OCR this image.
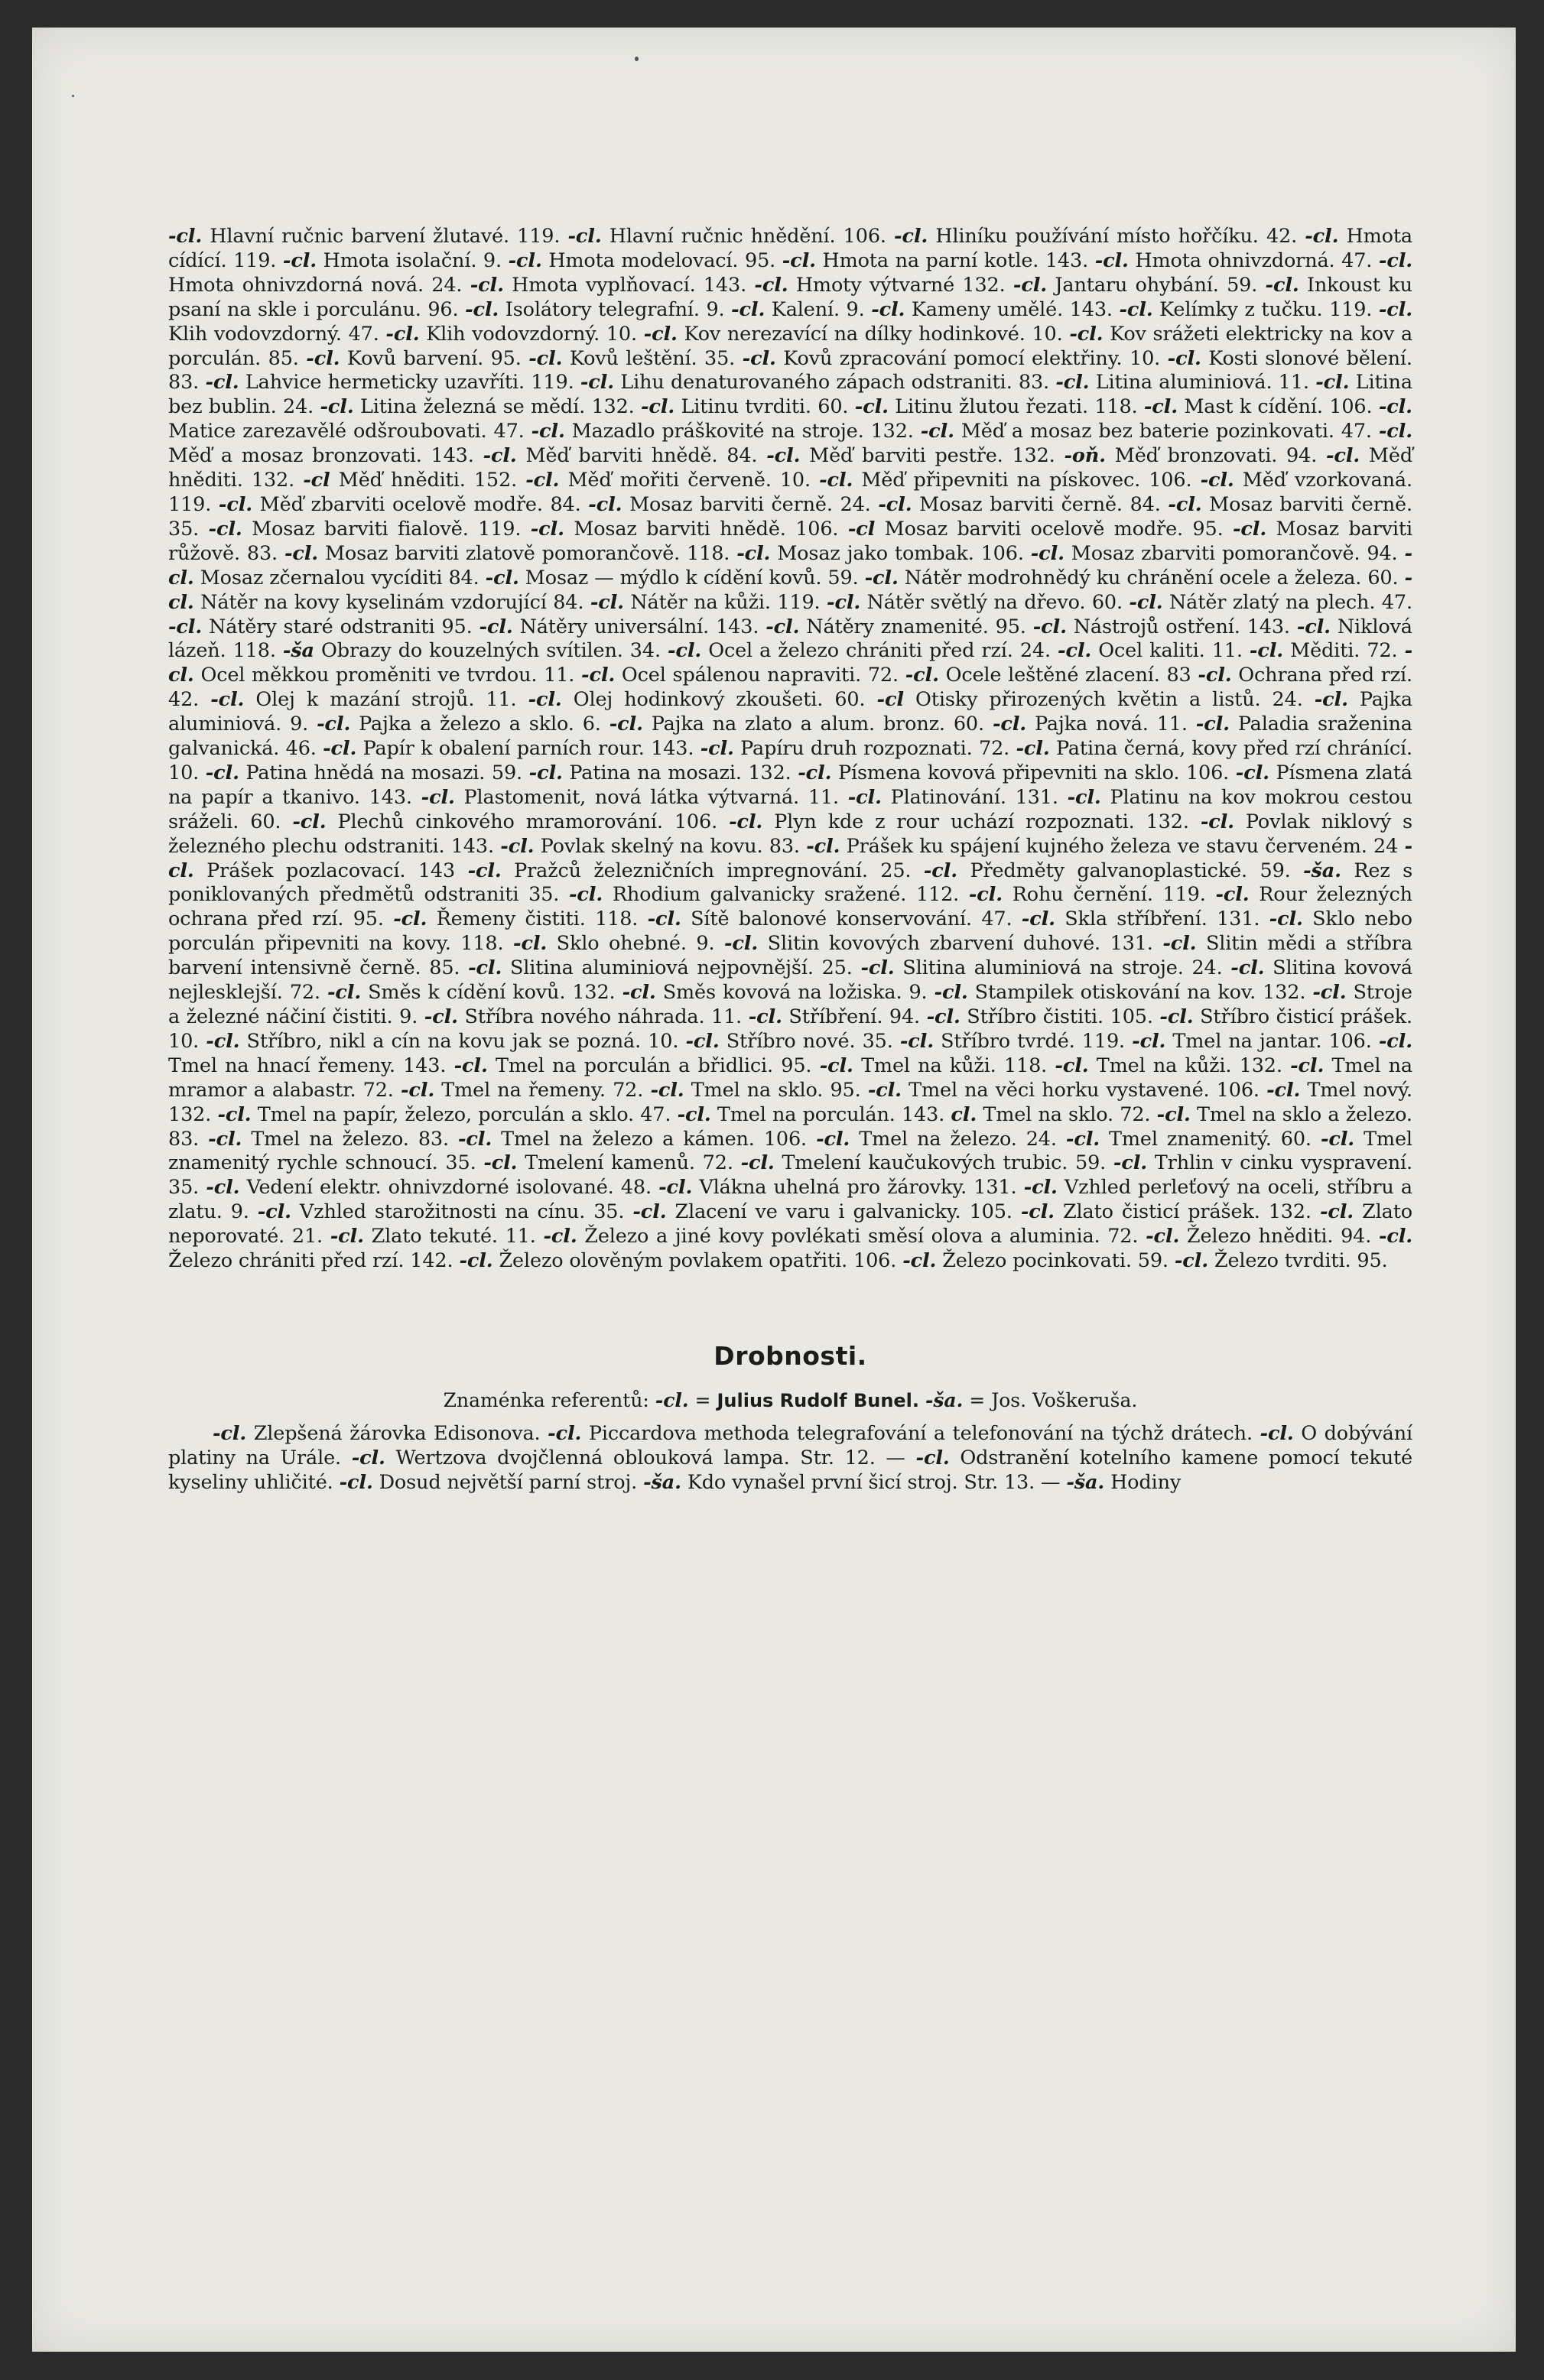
-cl. Hlavní ručnic barvení žlutavé. 119. -cl. Hlavní ručnic hnědění. 106. -cl. Hliníku používání místo hořčíku. 42. -cl. Hmota cídící. 119. -cl. Hmota isolační. 9. -cl. Hmota modelovací. 95. -cl. Hmota na parní kotle. 143. -cl. Hmota ohnivzdorná. 47. -cl. Hmota ohnivzdorná nová. 24. -cl. Hmota vyplňovací. 143. -cl. Hmoty výtvarné 132. -cl. Jantaru ohybání. 59. -cl. Inkoust ku psaní na skle i porculánu. 96. -cl. Isolátory telegrafní. 9. -cl. Kalení. 9. -cl. Kameny umělé. 143. -cl. Kelímky z tučku. 119. -cl. Klih vodovzdorný. 47. -cl. Klih vodovzdorný. 10. -cl. Kov nerezavící na dílky hodinkové. 10. -cl. Kov srážeti elektricky na kov a porculán. 85. -cl. Kovů barvení. 95. -cl. Kovů leštění. 35. -cl. Kovů zpracování pomocí elektřiny. 10. -cl. Kosti slonové bělení. 83. -cl. Lahvice hermeticky uzavříti. 119. -cl. Lihu denaturovaného zápach odstraniti. 83. -cl. Litina aluminiová. 11. -cl. Litina bez bublin. 24. -cl. Litina železná se mědí. 132. -cl. Litinu tvrditi. 60. -cl. Litinu žlutou řezati. 118. -cl. Mast k cídění. 106. -cl. Matice zarezavělé odšroubovati. 47. -cl. Mazadlo práškovité na stroje. 132. -cl. Měď a mosaz bez baterie pozinkovati. 47. -cl. Měď a mosaz bronzovati. 143. -cl. Měď barviti hnědě. 84. -cl. Měď barviti pestře. 132. -oň. Měď bronzovati. 94. -cl. Měď hněditi. 132. -cl Měď hněditi. 152. -cl. Měď mořiti červeně. 10. -cl. Měď připevniti na pískovec. 106. -cl. Měď vzorkovaná. 119. -cl. Měď zbarviti ocelově modře. 84. -cl. Mosaz barviti černě. 24. -cl. Mosaz barviti černě. 84. -cl. Mosaz barviti černě. 35. -cl. Mosaz barviti fialově. 119. -cl. Mosaz barviti hnědě. 106. -cl Mosaz barviti ocelově modře. 95. -cl. Mosaz barviti růžově. 83. -cl. Mosaz barviti zlatově pomorančově. 118. -cl. Mosaz jako tombak. 106. -cl. Mosaz zbarviti pomorančově. 94. -cl. Mosaz zčernalou vycíditi 84. -cl. Mosaz — mýdlo k cídění kovů. 59. -cl. Nátěr modrohnědý ku chránění ocele a železa. 60. -cl. Nátěr na kovy kyselinám vzdorující 84. -cl. Nátěr na kůži. 119. -cl. Nátěr světlý na dřevo. 60. -cl. Nátěr zlatý na plech. 47. -cl. Nátěry staré odstraniti 95. -cl. Nátěry universální. 143. -cl. Nátěry znamenité. 95. -cl. Nástrojů ostření. 143. -cl. Niklová lázeň. 118. -ša Obrazy do kouzelných svítilen. 34. -cl. Ocel a železo chrániti před rzí. 24. -cl. Ocel kaliti. 11. -cl. Měditi. 72. -cl. Ocel měkkou proměniti ve tvrdou. 11. -cl. Ocel spálenou napraviti. 72. -cl. Ocele leštěné zlacení. 83 -cl. Ochrana před rzí. 42. -cl. Olej k mazání strojů. 11. -cl. Olej hodinkový zkoušeti. 60. -cl Otisky přirozených květin a listů. 24. -cl. Pajka aluminiová. 9. -cl. Pajka a železo a sklo. 6. -cl. Pajka na zlato a alum. bronz. 60. -cl. Pajka nová. 11. -cl. Paladia sraženina galvanická. 46. -cl. Papír k obalení parních rour. 143. -cl. Papíru druh rozpoznati. 72. -cl. Patina černá, kovy před rzí chránící. 10. -cl. Patina hnědá na mosazi. 59. -cl. Patina na mosazi. 132. -cl. Písmena kovová připevniti na sklo. 106. -cl. Písmena zlatá na papír a tkanivo. 143. -cl. Plastomenit, nová látka výtvarná. 11. -cl. Platinování. 131. -cl. Platinu na kov mokrou cestou sráželi. 60. -cl. Plechů cinkového mramorování. 106. -cl. Plyn kde z rour uchází rozpoznati. 132. -cl. Povlak niklový s železného plechu odstraniti. 143. -cl. Povlak skelný na kovu. 83. -cl. Prášek ku spájení kujného železa ve stavu červeném. 24 -cl. Prášek pozlacovací. 143 -cl. Pražců železničních impregnování. 25. -cl. Předměty galvanoplastické. 59. -ša. Rez s poniklovaných předmětů odstraniti 35. -cl. Rhodium galvanicky sražené. 112. -cl. Rohu černění. 119. -cl. Rour železných ochrana před rzí. 95. -cl. Řemeny čistiti. 118. -cl. Sítě balonové konservování. 47. -cl. Skla stříbření. 131. -cl. Sklo nebo porculán připevniti na kovy. 118. -cl. Sklo ohebné. 9. -cl. Slitin kovových zbarvení duhové. 131. -cl. Slitin mědi a stříbra barvení intensivně černě. 85. -cl. Slitina aluminiová nejpovnější. 25. -cl. Slitina aluminiová na stroje. 24. -cl. Slitina kovová nejlesklejší. 72. -cl. Směs k cídění kovů. 132. -cl. Směs kovová na ložiska. 9. -cl. Stampilek otiskování na kov. 132. -cl. Stroje a železné náčiní čistiti. 9. -cl. Stříbra nového náhrada. 11. -cl. Stříbření. 94. -cl. Stříbro čistiti. 105. -cl. Stříbro čisticí prášek. 10. -cl. Stříbro, nikl a cín na kovu jak se pozná. 10. -cl. Stříbro nové. 35. -cl. Stříbro tvrdé. 119. -cl. Tmel na jantar. 106. -cl. Tmel na hnací řemeny. 143. -cl. Tmel na porculán a břidlici. 95. -cl. Tmel na kůži. 118. -cl. Tmel na kůži. 132. -cl. Tmel na mramor a alabastr. 72. -cl. Tmel na řemeny. 72. -cl. Tmel na sklo. 95. -cl. Tmel na věci horku vystavené. 106. -cl. Tmel nový. 132. -cl. Tmel na papír, železo, porculán a sklo. 47. -cl. Tmel na porculán. 143. cl. Tmel na sklo. 72. -cl. Tmel na sklo a železo. 83. -cl. Tmel na železo. 83. -cl. Tmel na železo a kámen. 106. -cl. Tmel na železo. 24. -cl. Tmel znamenitý. 60. -cl. Tmel znamenitý rychle schnoucí. 35. -cl. Tmelení kamenů. 72. -cl. Tmelení kaučukových trubic. 59. -cl. Trhlin v cinku vyspravení. 35. -cl. Vedení elektr. ohnivzdorné isolované. 48. -cl. Vlákna uhelná pro žárovky. 131. -cl. Vzhled perleťový na oceli, stříbru a zlatu. 9. -cl. Vzhled starožitnosti na cínu. 35. -cl. Zlacení ve varu i galvanicky. 105. -cl. Zlato čisticí prášek. 132. -cl. Zlato neporovaté. 21. -cl. Zlato tekuté. 11. -cl. Železo a jiné kovy povlékati směsí olova a aluminia. 72. -cl. Železo hněditi. 94. -cl. Železo chrániti před rzí. 142. -cl. Železo olověným povlakem opatřiti. 106. -cl. Železo pocinkovati. 59. -cl. Železo tvrditi. 95.

Drobnosti.
Znaménka referentů: -cl. = Julius Rudolf Bunel. -ša. = Jos. Voškeruša.

-cl. Zlepšená žárovka Edisonova. -cl. Piccardova methoda telegrafování a telefonování na týchž drátech. -cl. O dobývání platiny na Urále. -cl. Wertzova dvojčlenná oblouková lampa. Str. 12. — -cl. Odstranění kotelního kamene pomocí tekuté kyseliny uhličité. -cl. Dosud největší parní stroj. -ša. Kdo vynašel první šicí stroj. Str. 13. — -ša. Hodiny
